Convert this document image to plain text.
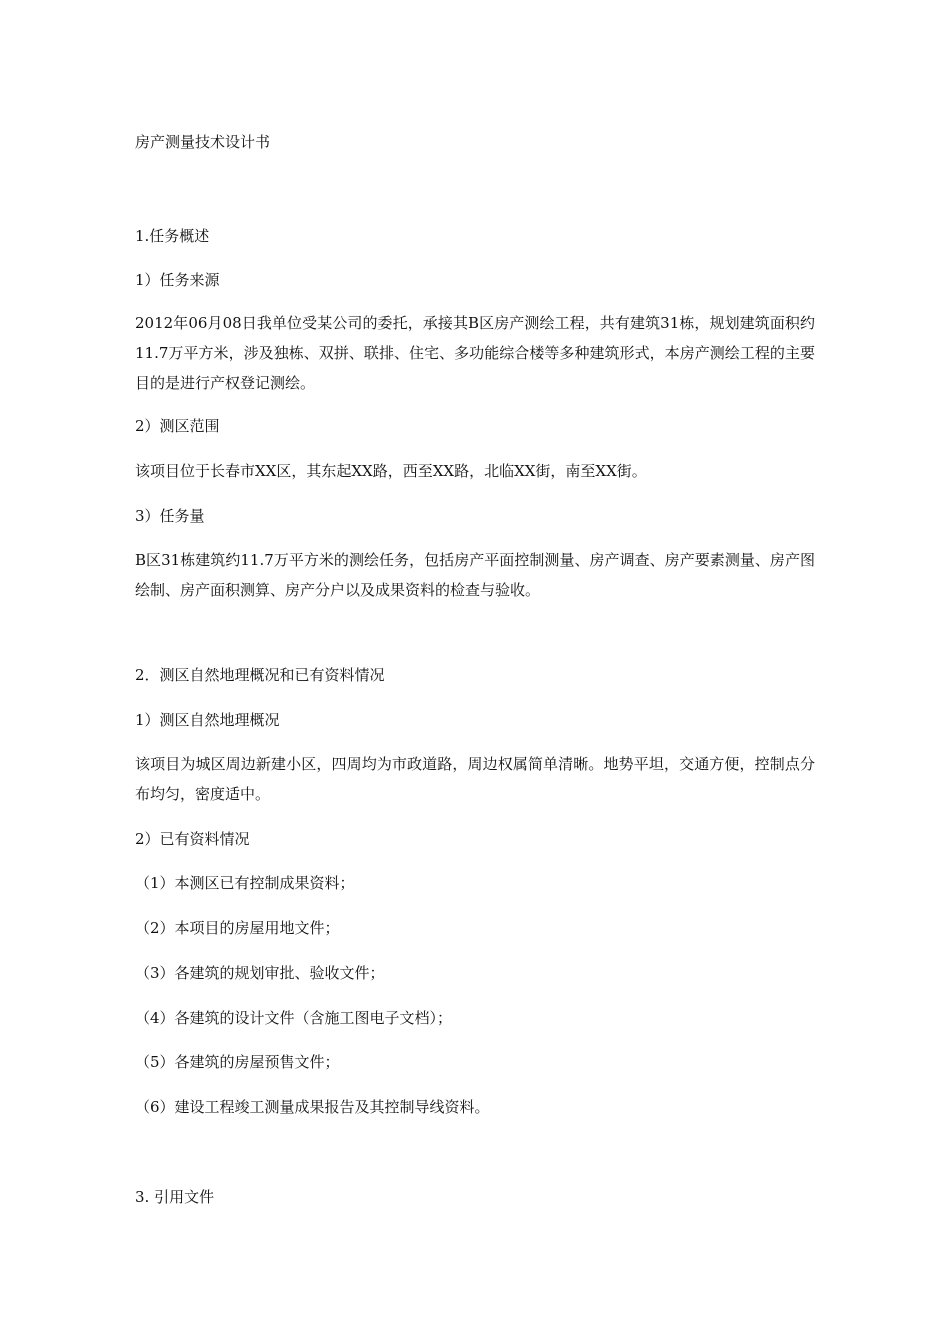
房产测量技术设计书
1.任务概述
1）任务来源
2012年06月08日我单位受某公司的委托，承接其B区房产测绘工程，共有建筑31栋，规划建筑面积约11.7万平方米，涉及独栋、双拼、联排、住宅、多功能综合楼等多种建筑形式，本房产测绘工程的主要目的是进行产权登记测绘。
2）测区范围
该项目位于长春市XX区，其东起XX路，西至XX路，北临XX街，南至XX街。
3）任务量
B区31栋建筑约11.7万平方米的测绘任务，包括房产平面控制测量、房产调查、房产要素测量、房产图绘制、房产面积测算、房产分户以及成果资料的检查与验收。
2．测区自然地理概况和已有资料情况
1）测区自然地理概况
该项目为城区周边新建小区，四周均为市政道路，周边权属简单清晰。地势平坦，交通方便，控制点分布均匀，密度适中。
2）已有资料情况
（1）本测区已有控制成果资料；
（2）本项目的房屋用地文件；
（3）各建筑的规划审批、验收文件；
（4）各建筑的设计文件（含施工图电子文档）；
（5）各建筑的房屋预售文件；
（6）建设工程竣工测量成果报告及其控制导线资料。
3. 引用文件
